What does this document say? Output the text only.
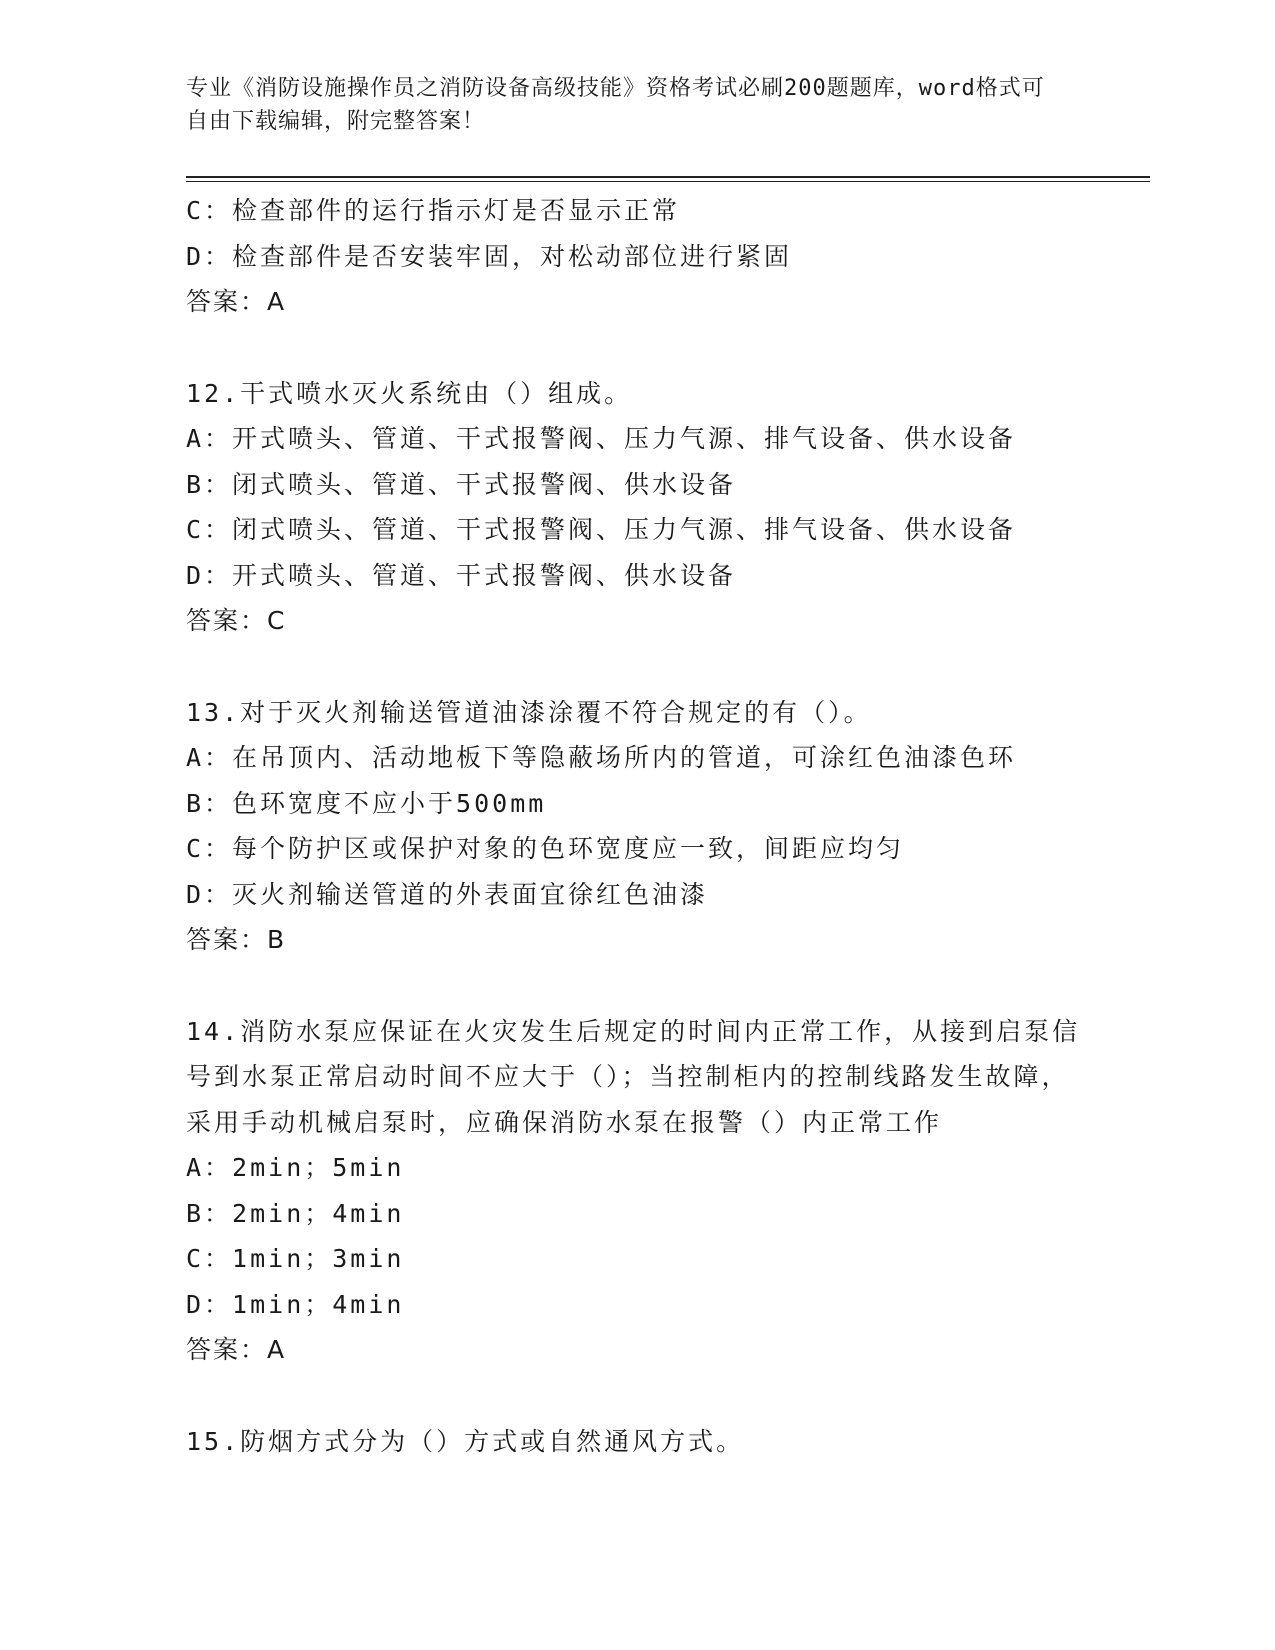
专业《消防设施操作员之消防设备高级技能》资格考试必刷200题题库，word格式可自由下载编辑，附完整答案！
C：检查部件的运行指示灯是否显示正常
D：检查部件是否安装牢固，对松动部位进行紧固
答案：A
12.干式喷水灭火系统由（）组成。
A：开式喷头、管道、干式报警阀、压力气源、排气设备、供水设备
B：闭式喷头、管道、干式报警阀、供水设备
C：闭式喷头、管道、干式报警阀、压力气源、排气设备、供水设备
D：开式喷头、管道、干式报警阀、供水设备
答案：C
13.对于灭火剂输送管道油漆涂覆不符合规定的有（）。
A：在吊顶内、活动地板下等隐蔽场所内的管道，可涂红色油漆色环
B：色环宽度不应小于500mm
C：每个防护区或保护对象的色环宽度应一致，间距应均匀
D：灭火剂输送管道的外表面宜徐红色油漆
答案：B
14.消防水泵应保证在火灾发生后规定的时间内正常工作，从接到启泵信号到水泵正常启动时间不应大于（）；当控制柜内的控制线路发生故障，采用手动机械启泵时，应确保消防水泵在报警（）内正常工作
A：2min；5min
B：2min；4min
C：1min；3min
D：1min；4min
答案：A
15.防烟方式分为（）方式或自然通风方式。
